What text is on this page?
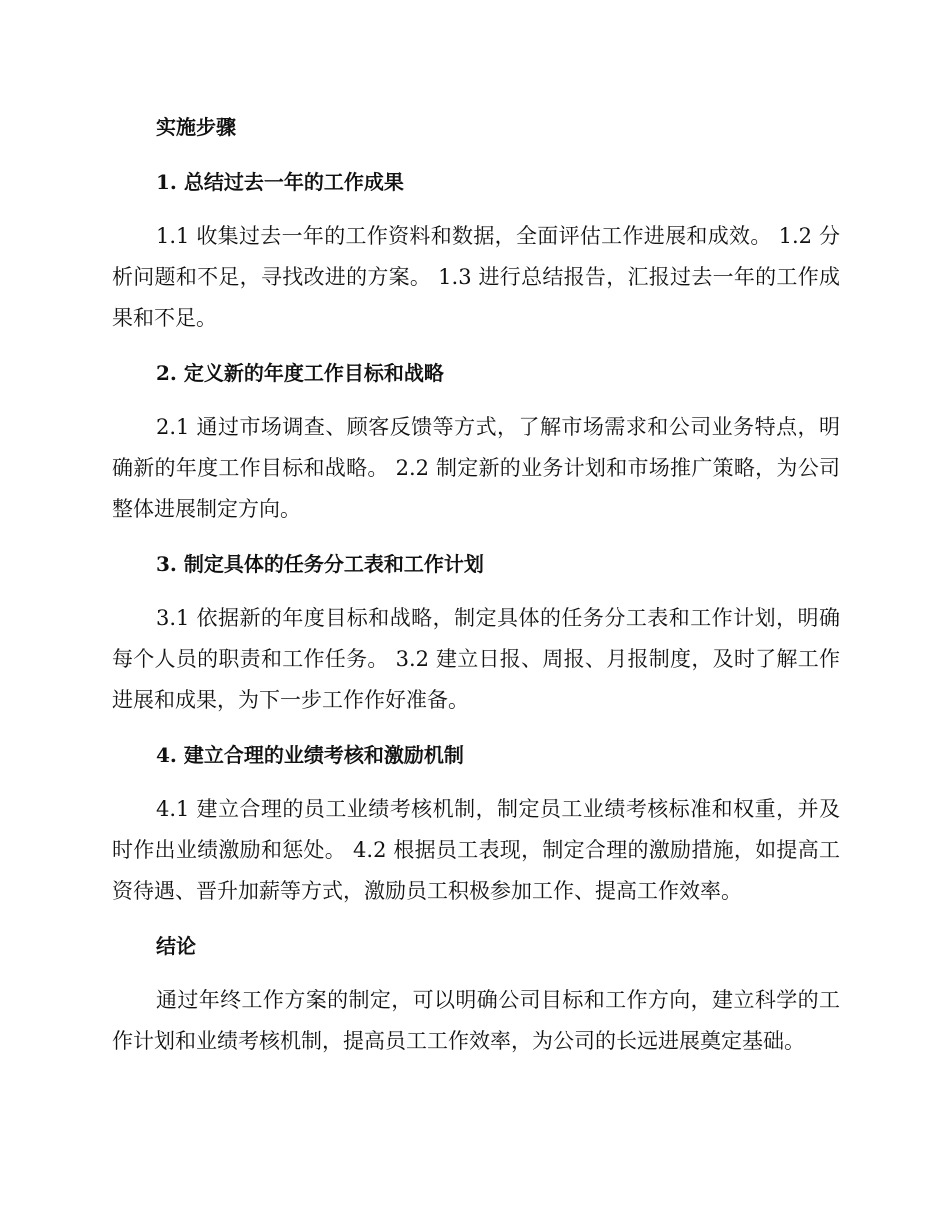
实施步骤

1. 总结过去一年的工作成果

1.1 收集过去一年的工作资料和数据，全面评估工作进展和成效。 1.2 分析问题和不足，寻找改进的方案。 1.3 进行总结报告，汇报过去一年的工作成果和不足。

2. 定义新的年度工作目标和战略

2.1 通过市场调查、顾客反馈等方式，了解市场需求和公司业务特点，明确新的年度工作目标和战略。 2.2 制定新的业务计划和市场推广策略，为公司整体进展制定方向。

3. 制定具体的任务分工表和工作计划

3.1 依据新的年度目标和战略，制定具体的任务分工表和工作计划，明确每个人员的职责和工作任务。 3.2 建立日报、周报、月报制度，及时了解工作进展和成果，为下一步工作作好准备。

4. 建立合理的业绩考核和激励机制

4.1 建立合理的员工业绩考核机制，制定员工业绩考核标准和权重，并及时作出业绩激励和惩处。 4.2 根据员工表现，制定合理的激励措施，如提高工资待遇、晋升加薪等方式，激励员工积极参加工作、提高工作效率。

结论

通过年终工作方案的制定，可以明确公司目标和工作方向，建立科学的工作计划和业绩考核机制，提高员工工作效率，为公司的长远进展奠定基础。
